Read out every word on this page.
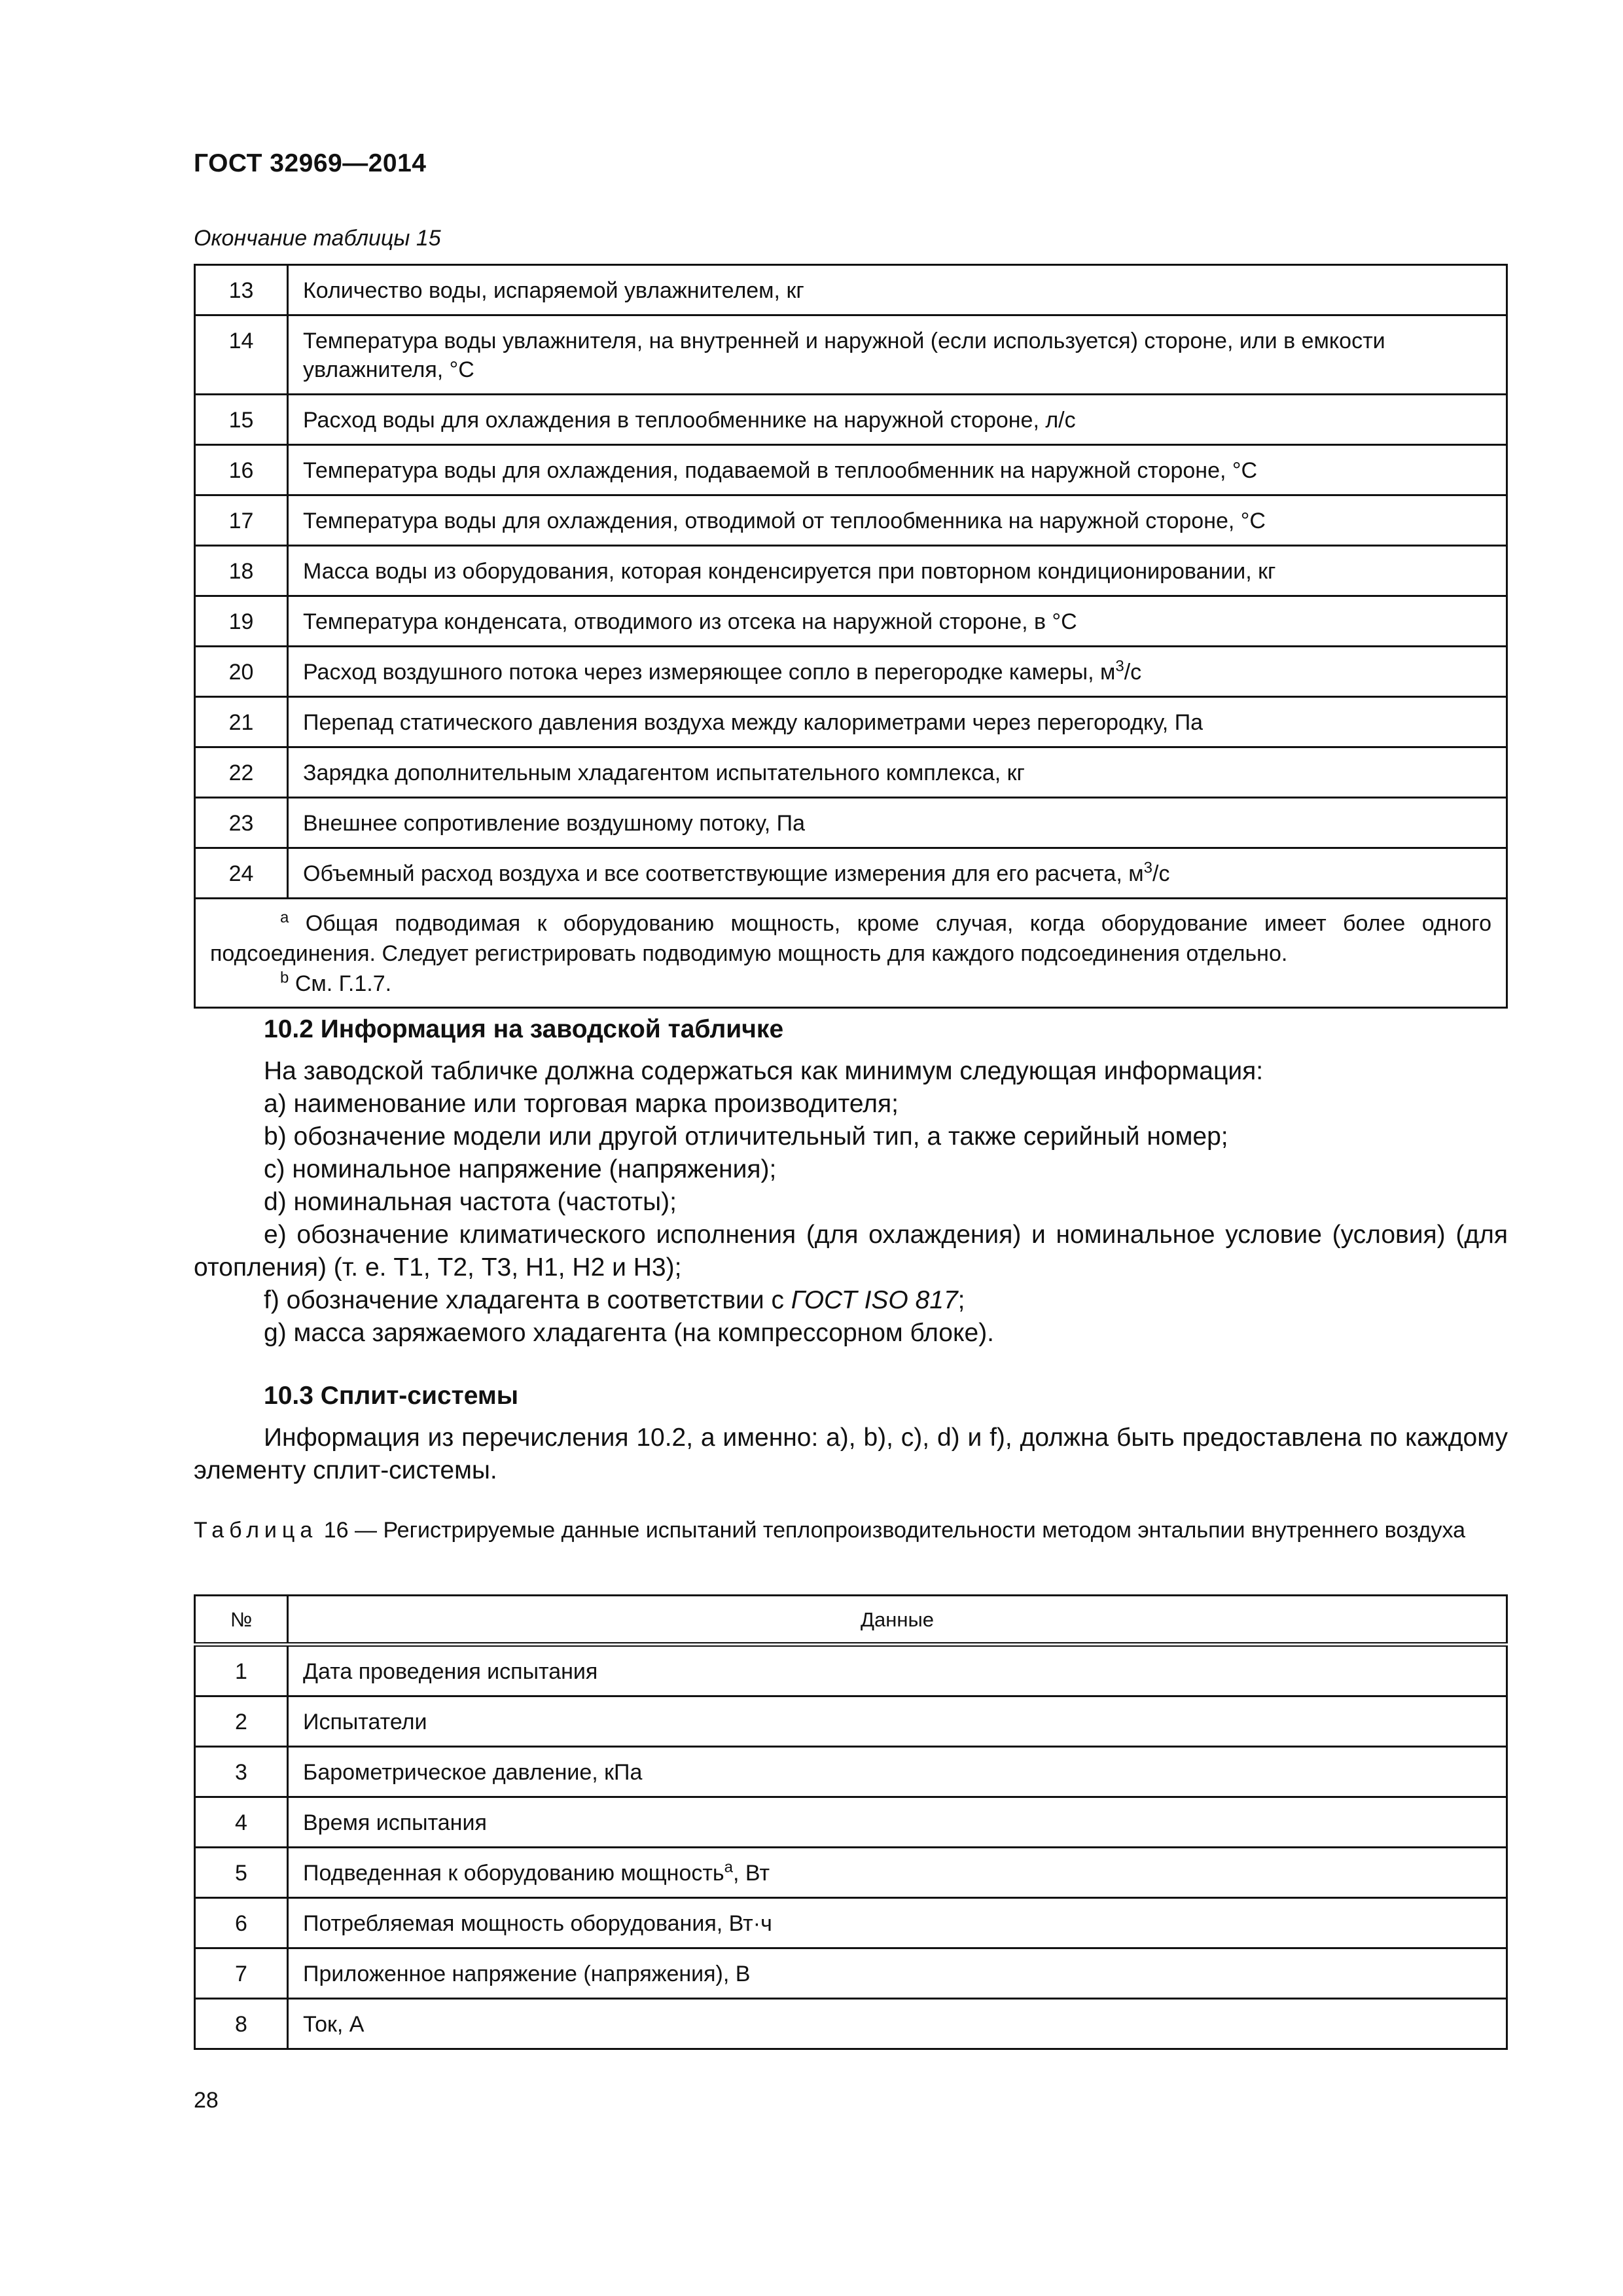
ГОСТ 32969—2014
Окончание таблицы 15
13	Количество воды, испаряемой увлажнителем, кг
14	Температура воды увлажнителя, на внутренней и наружной (если используется) стороне, или в емкости увлажнителя, °С
15	Расход воды для охлаждения в теплообменнике на наружной стороне, л/с
16	Температура воды для охлаждения, подаваемой в теплообменник на наружной стороне, °С
17	Температура воды для охлаждения, отводимой от теплообменника на наружной стороне, °С
18	Масса воды из оборудования, которая конденсируется при повторном кондиционировании, кг
19	Температура конденсата, отводимого из отсека на наружной стороне, в °С
20	Расход воздушного потока через измеряющее сопло в перегородке камеры, $м^3/с$
21	Перепад статического давления воздуха между калориметрами через перегородку, Па
22	Зарядка дополнительным хладагентом испытательного комплекса, кг
23	Внешнее сопротивление воздушному потоку, Па
24	Объемный расход воздуха и все соответствующие измерения для его расчета, $м^3/с$

$^a$ Общая подводимая к оборудованию мощность, кроме случая, когда оборудование имеет более одного подсоединения. Следует регистрировать подводимую мощность для каждого подсоединения отдельно.
$^b$ См. Г.1.7.	
10.2 Информация на заводской табличке
На заводской табличке должна содержаться как минимум следующая информация:
a) наименование или торговая марка производителя;
b) обозначение модели или другой отличительный тип, а также серийный номер;
c) номинальное напряжение (напряжения);
d) номинальная частота (частоты);
e) обозначение климатического исполнения (для охлаждения) и номинальное условие (условия) (для отопления) (т. е. Т1, Т2, Т3, Н1, Н2 и Н3);
f) обозначение хладагента в соответствии с ГОСТ ISO 817;
g) масса заряжаемого хладагента (на компрессорном блоке).
10.3 Сплит-системы
Информация из перечисления 10.2, а именно: a), b), c), d) и f), должна быть предоставлена по каждому элементу сплит-системы.
Таблица 16 — Регистрируемые данные испытаний теплопроизводительности методом энтальпии внутреннего воздуха
№	Данные
1	Дата проведения испытания
2	Испытатели
3	Барометрическое давление, кПа
4	Время испытания
5	Подведенная к оборудованию мощность$^a$, Вт
6	Потребляемая мощность оборудования, Вт·ч
7	Приложенное напряжение (напряжения), В
8	Ток, А
28
